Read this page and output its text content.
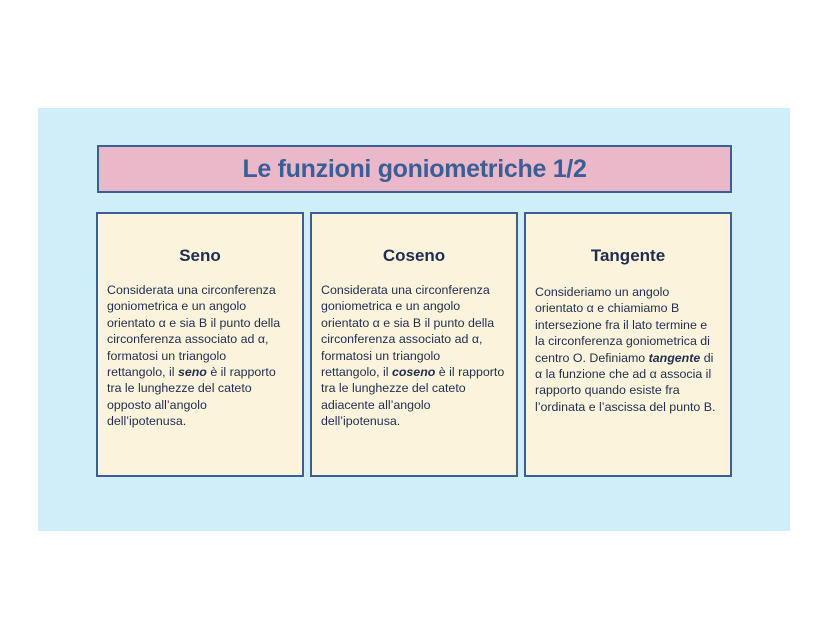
Le funzioni goniometriche 1/2
Seno
Considerata una circonferenza
goniometrica e un angolo
orientato α e sia B il punto della
circonferenza associato ad α,
formatosi un triangolo
rettangolo, il seno è il rapporto
tra le lunghezze del cateto
opposto all’angolo
dell’ipotenusa.
Coseno
Considerata una circonferenza
goniometrica e un angolo
orientato α e sia B il punto della
circonferenza associato ad α,
formatosi un triangolo
rettangolo, il coseno è il rapporto
tra le lunghezze del cateto
adiacente all’angolo
dell’ipotenusa.
Tangente
Consideriamo un angolo
orientato α e chiamiamo B
intersezione fra il lato termine e
la circonferenza goniometrica di
centro O. Definiamo tangente di
α la funzione che ad α associa il
rapporto quando esiste fra
l’ordinata e l’ascissa del punto B.
